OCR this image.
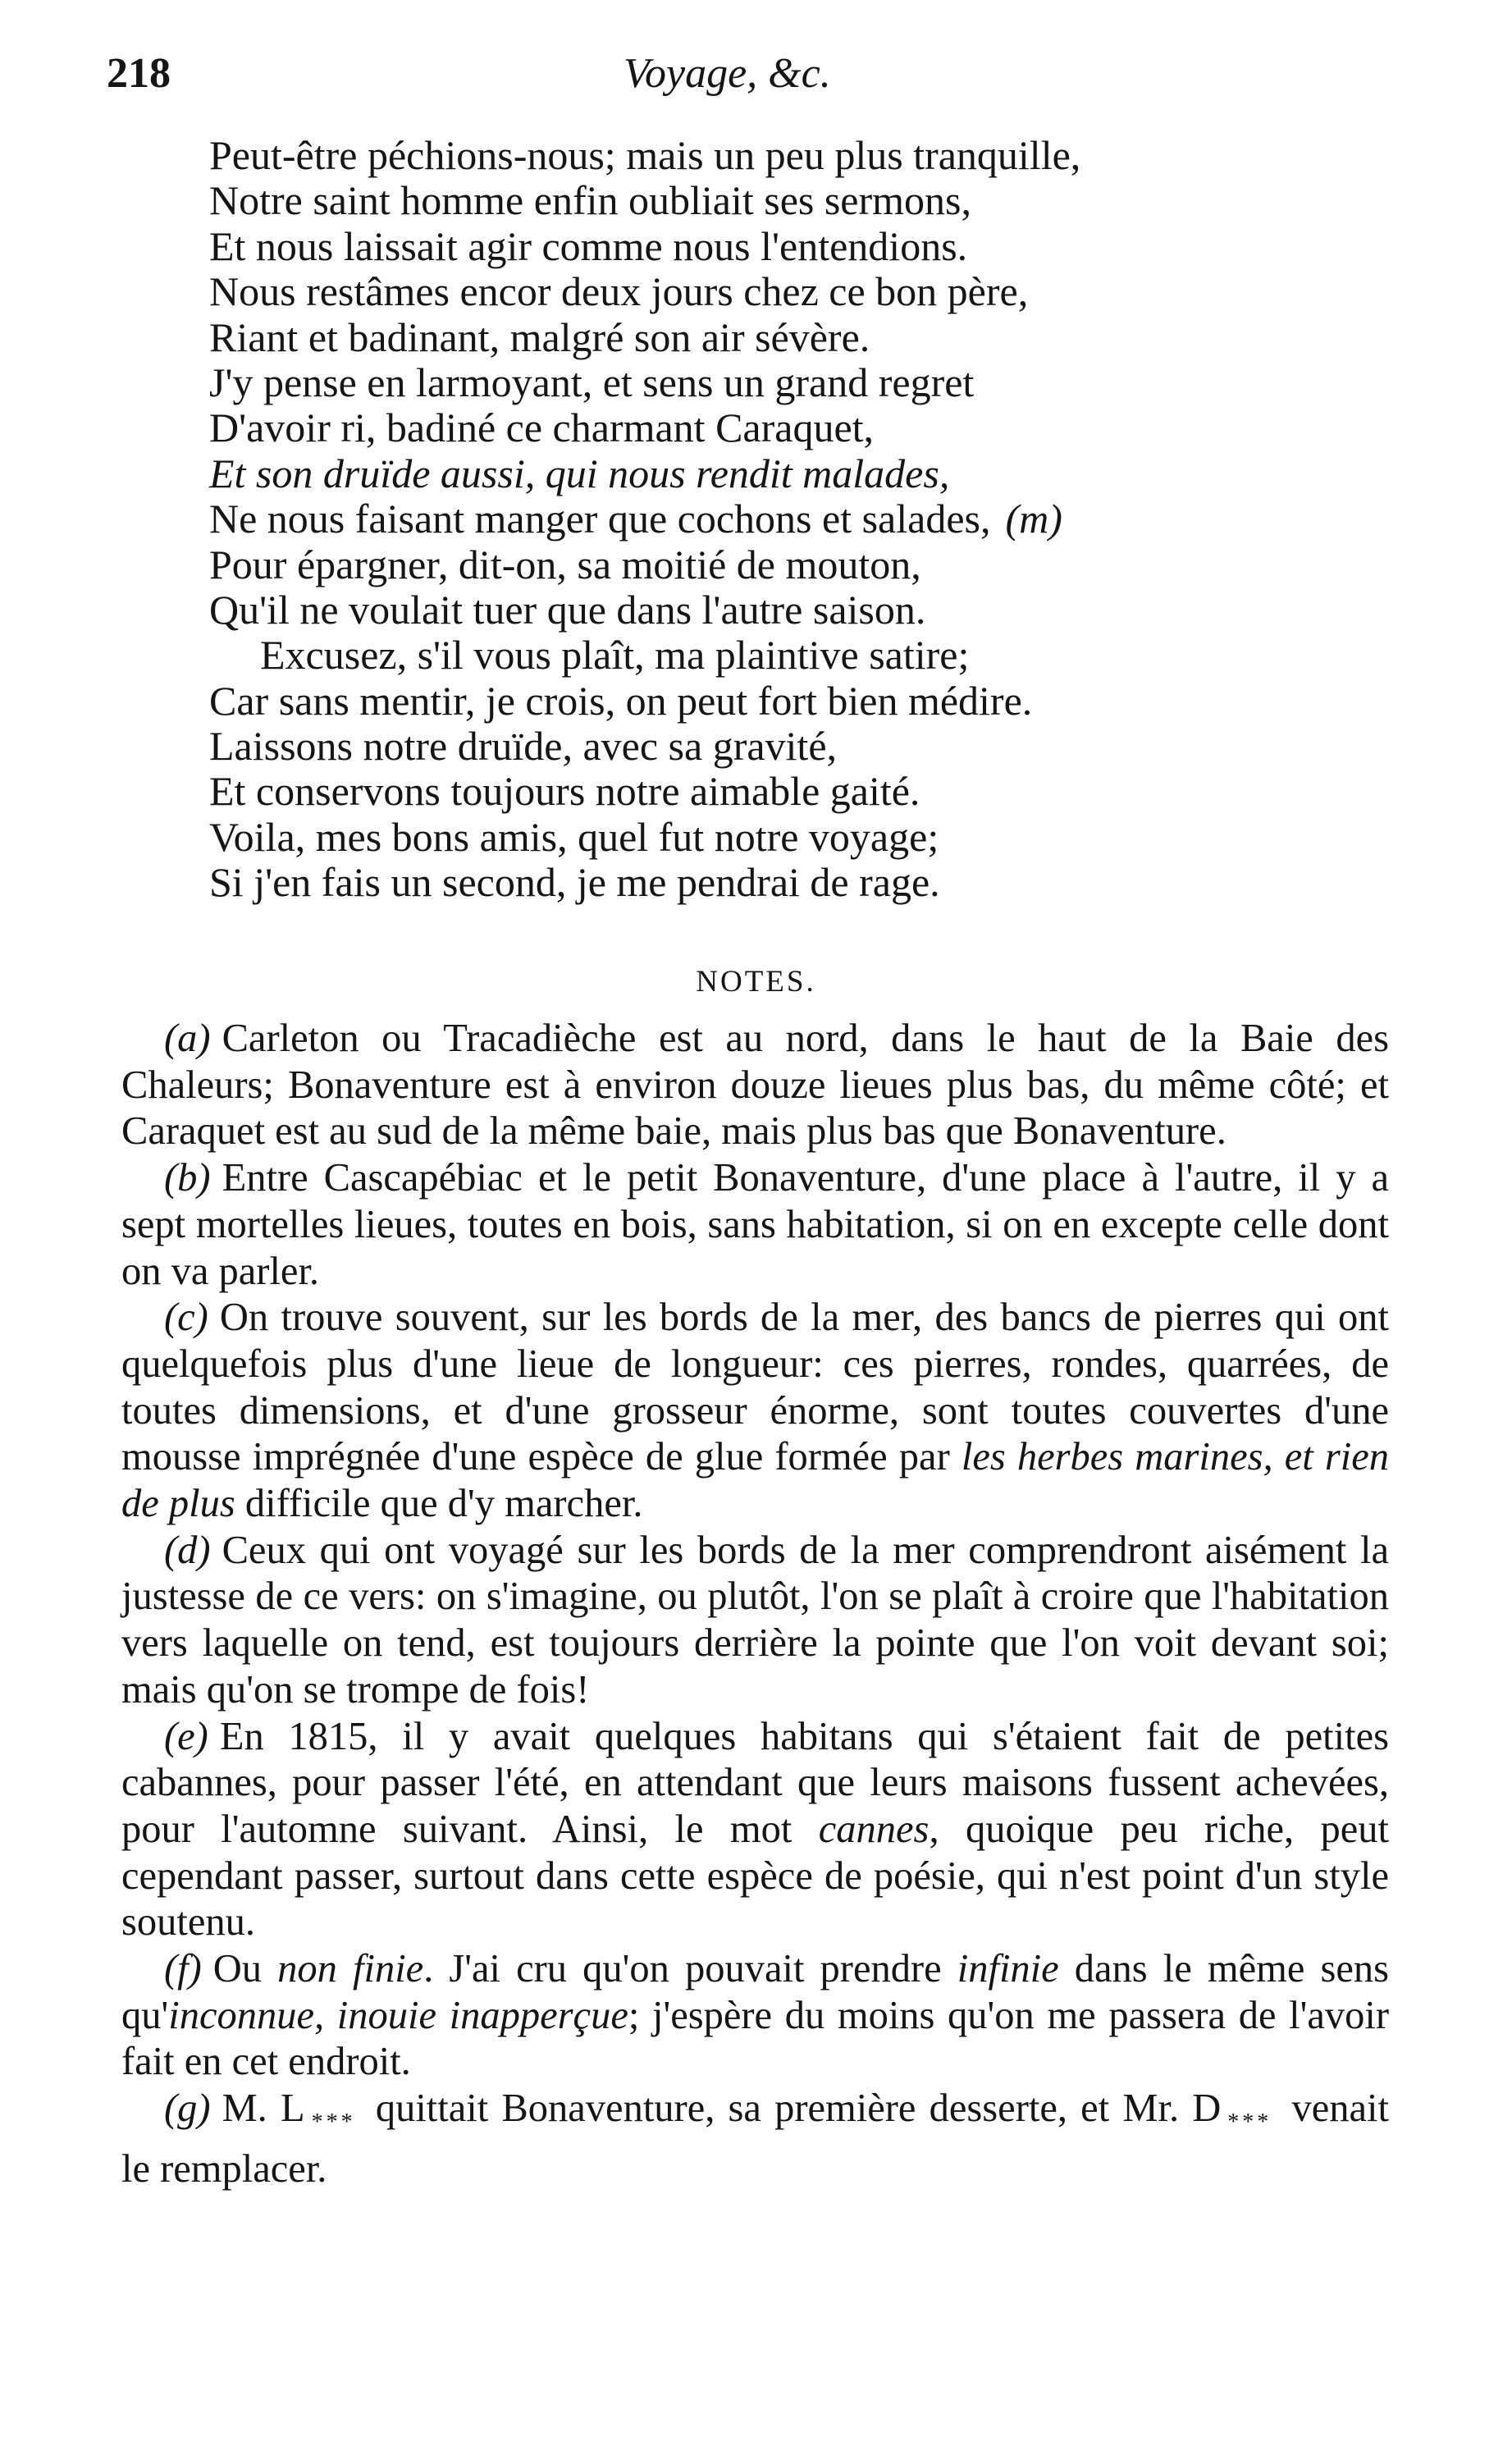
218	Voyage, &c.
Peut-être péchions-nous; mais un peu plus tranquille,
Notre saint homme enfin oubliait ses sermons,
Et nous laissait agir comme nous l'entendions.
Nous restâmes encor deux jours chez ce bon père,
Riant et badinant, malgré son air sévère.
J'y pense en larmoyant, et sens un grand regret
D'avoir ri, badiné ce charmant Caraquet,
Et son druïde aussi, qui nous rendit malades,
Ne nous faisant manger que cochons et salades, (m)
Pour épargner, dit-on, sa moitié de mouton,
Qu'il ne voulait tuer que dans l'autre saison.
Excusez, s'il vous plaît, ma plaintive satire;
Car sans mentir, je crois, on peut fort bien médire.
Laissons notre druïde, avec sa gravité,
Et conservons toujours notre aimable gaité.
Voila, mes bons amis, quel fut notre voyage;
Si j'en fais un second, je me pendrai de rage.
NOTES.

(a) Carleton ou Tracadièche est au nord, dans le haut de la Baie des Chaleurs; Bonaventure est à environ douze lieues plus bas, du même côté; et Caraquet est au sud de la même baie, mais plus bas que Bonaventure.

(b) Entre Cascapébiac et le petit Bonaventure, d'une place à l'autre, il y a sept mortelles lieues, toutes en bois, sans habitation, si on en excepte celle dont on va parler.

(c) On trouve souvent, sur les bords de la mer, des bancs de pierres qui ont quelquefois plus d'une lieue de longueur: ces pierres, rondes, quarrées, de toutes dimensions, et d'une grosseur énorme, sont toutes couvertes d'une mousse imprégnée d'une espèce de glue formée par les herbes marines, et rien de plus difficile que d'y marcher.

(d) Ceux qui ont voyagé sur les bords de la mer comprendront aisément la justesse de ce vers: on s'imagine, ou plutôt, l'on se plaît à croire que l'habitation vers laquelle on tend, est toujours derrière la pointe que l'on voit devant soi; mais qu'on se trompe de fois!

(e) En 1815, il y avait quelques habitans qui s'étaient fait de petites cabannes, pour passer l'été, en attendant que leurs maisons fussent achevées, pour l'automne suivant. Ainsi, le mot cannes, quoique peu riche, peut cependant passer, surtout dans cette espèce de poésie, qui n'est point d'un style soutenu.

(f) Ou non finie. J'ai cru qu'on pouvait prendre infinie dans le même sens qu'inconnue, inouie inapperçue; j'espère du moins qu'on me passera de l'avoir fait en cet endroit.

(g) M. L $_{***}$ quittait Bonaventure, sa première desserte, et Mr. D $_{***}$ venait le remplacer.
